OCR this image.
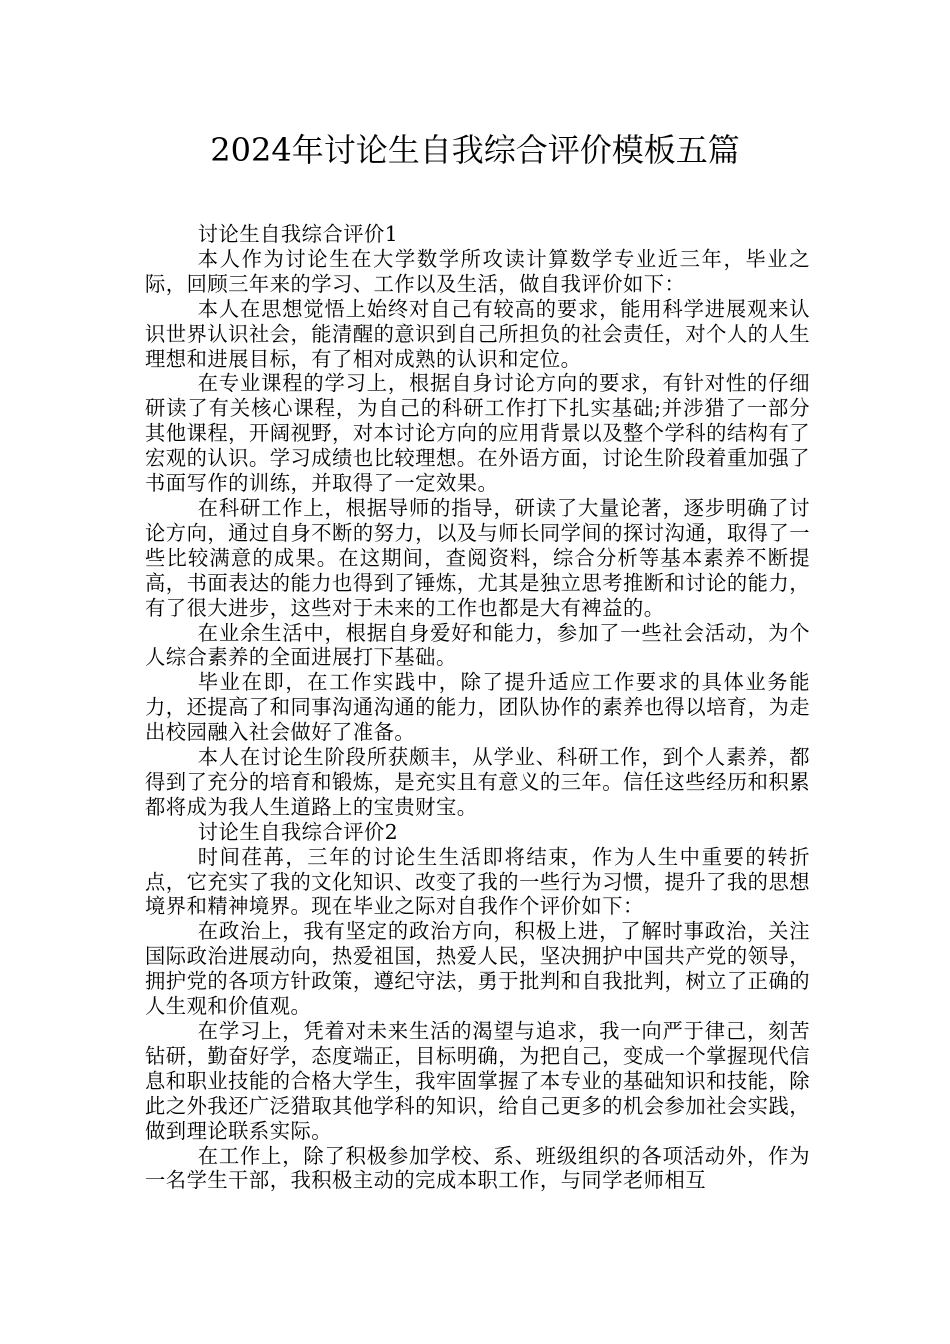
2024年讨论生自我综合评价模板五篇

讨论生自我综合评价1

本人作为讨论生在大学数学所攻读计算数学专业近三年，毕业之际，回顾三年来的学习、工作以及生活，做自我评价如下：

本人在思想觉悟上始终对自己有较高的要求，能用科学进展观来认识世界认识社会，能清醒的意识到自己所担负的社会责任，对个人的人生理想和进展目标，有了相对成熟的认识和定位。

在专业课程的学习上，根据自身讨论方向的要求，有针对性的仔细研读了有关核心课程，为自己的科研工作打下扎实基础;并涉猎了一部分其他课程，开阔视野，对本讨论方向的应用背景以及整个学科的结构有了宏观的认识。学习成绩也比较理想。在外语方面，讨论生阶段着重加强了书面写作的训练，并取得了一定效果。

在科研工作上，根据导师的指导，研读了大量论著，逐步明确了讨论方向，通过自身不断的努力，以及与师长同学间的探讨沟通，取得了一些比较满意的成果。在这期间，查阅资料，综合分析等基本素养不断提高，书面表达的能力也得到了锤炼，尤其是独立思考推断和讨论的能力，有了很大进步，这些对于未来的工作也都是大有裨益的。

在业余生活中，根据自身爱好和能力，参加了一些社会活动，为个人综合素养的全面进展打下基础。

毕业在即，在工作实践中，除了提升适应工作要求的具体业务能力，还提高了和同事沟通沟通的能力，团队协作的素养也得以培育，为走出校园融入社会做好了准备。

本人在讨论生阶段所获颇丰，从学业、科研工作，到个人素养，都得到了充分的培育和锻炼，是充实且有意义的三年。信任这些经历和积累都将成为我人生道路上的宝贵财宝。

讨论生自我综合评价2

时间荏苒，三年的讨论生生活即将结束，作为人生中重要的转折点，它充实了我的文化知识、改变了我的一些行为习惯，提升了我的思想境界和精神境界。现在毕业之际对自我作个评价如下：

在政治上，我有坚定的政治方向，积极上进，了解时事政治，关注国际政治进展动向，热爱祖国，热爱人民，坚决拥护中国共产党的领导，拥护党的各项方针政策，遵纪守法，勇于批判和自我批判，树立了正确的人生观和价值观。

在学习上，凭着对未来生活的渴望与追求，我一向严于律己，刻苦钻研，勤奋好学，态度端正，目标明确，为把自己，变成一个掌握现代信息和职业技能的合格大学生，我牢固掌握了本专业的基础知识和技能，除此之外我还广泛猎取其他学科的知识，给自己更多的机会参加社会实践，做到理论联系实际。

在工作上，除了积极参加学校、系、班级组织的各项活动外，作为一名学生干部，我积极主动的完成本职工作，与同学老师相互
